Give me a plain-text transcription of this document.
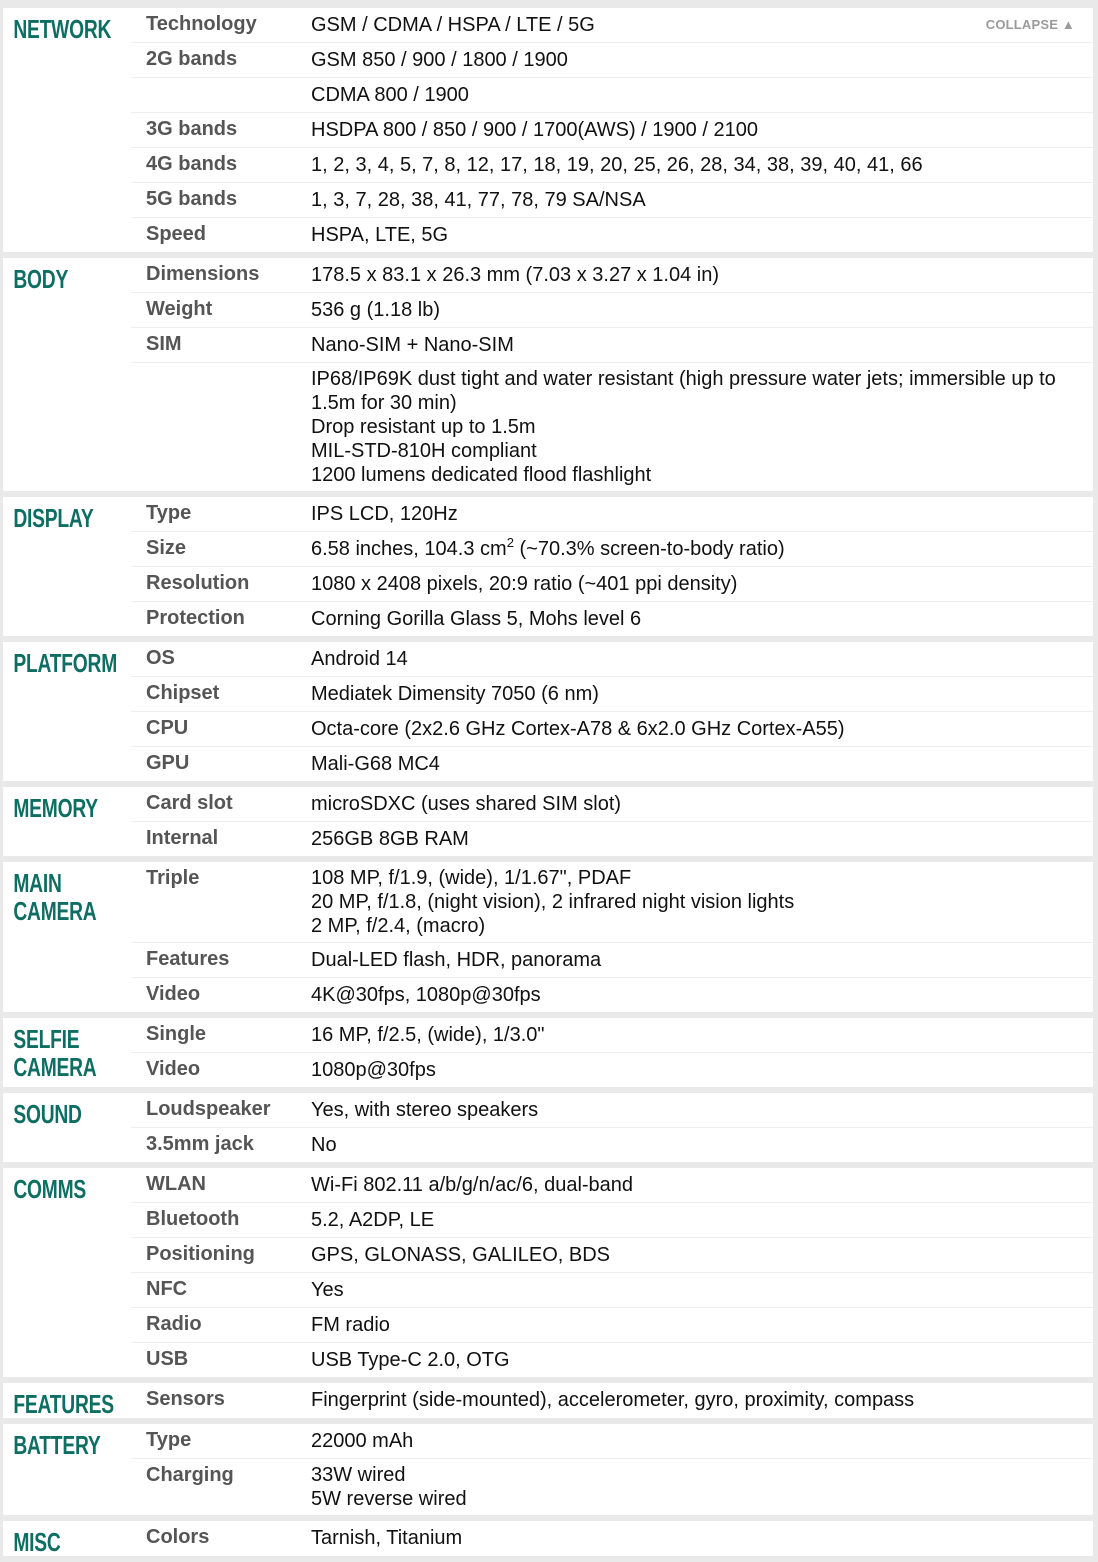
NETWORK	Technology	GSM / CDMA / HSPA / LTE / 5G	COLLAPSE ▲
2G bands	GSM 850 / 900 / 1800 / 1900
CDMA 800 / 1900
3G bands	HSDPA 800 / 850 / 900 / 1700(AWS) / 1900 / 2100
4G bands	1, 2, 3, 4, 5, 7, 8, 12, 17, 18, 19, 20, 25, 26, 28, 34, 38, 39, 40, 41, 66
5G bands	1, 3, 7, 28, 38, 41, 77, 78, 79 SA/NSA
Speed	HSPA, LTE, 5G
BODY	Dimensions	178.5 x 83.1 x 26.3 mm (7.03 x 3.27 x 1.04 in)
Weight	536 g (1.18 lb)
SIM	Nano-SIM + Nano-SIM
IP68/IP69K dust tight and water resistant (high pressure water jets; immersible up to 1.5m for 30 min)
Drop resistant up to 1.5m
MIL-STD-810H compliant
1200 lumens dedicated flood flashlight
DISPLAY	Type	IPS LCD, 120Hz
Size	6.58 inches, 104.3 $cm^2$ (~70.3% screen-to-body ratio)
Resolution	1080 x 2408 pixels, 20:9 ratio (~401 ppi density)
Protection	Corning Gorilla Glass 5, Mohs level 6
PLATFORM	OS	Android 14
Chipset	Mediatek Dimensity 7050 (6 nm)
CPU	Octa-core (2x2.6 GHz Cortex-A78 & 6x2.0 GHz Cortex-A55)
GPU	Mali-G68 MC4
MEMORY	Card slot	microSDXC (uses shared SIM slot)
Internal	256GB 8GB RAM
MAIN
CAMERA
Triple	108 MP, f/1.9, (wide), 1/1.67", PDAF
20 MP, f/1.8, (night vision), 2 infrared night vision lights
2 MP, f/2.4, (macro)
Features	Dual-LED flash, HDR, panorama
Video	4K@30fps, 1080p@30fps
SELFIE
CAMERA
Single	16 MP, f/2.5, (wide), 1/3.0"
Video	1080p@30fps
SOUND	Loudspeaker	Yes, with stereo speakers
3.5mm jack	No
COMMS	WLAN	Wi-Fi 802.11 a/b/g/n/ac/6, dual-band
Bluetooth	5.2, A2DP, LE
Positioning	GPS, GLONASS, GALILEO, BDS
NFC	Yes
Radio	FM radio
USB	USB Type-C 2.0, OTG
FEATURES	Sensors	Fingerprint (side-mounted), accelerometer, gyro, proximity, compass
BATTERY	Type	22000 mAh
Charging	33W wired
5W reverse wired
MISC	Colors	Tarnish, Titanium
